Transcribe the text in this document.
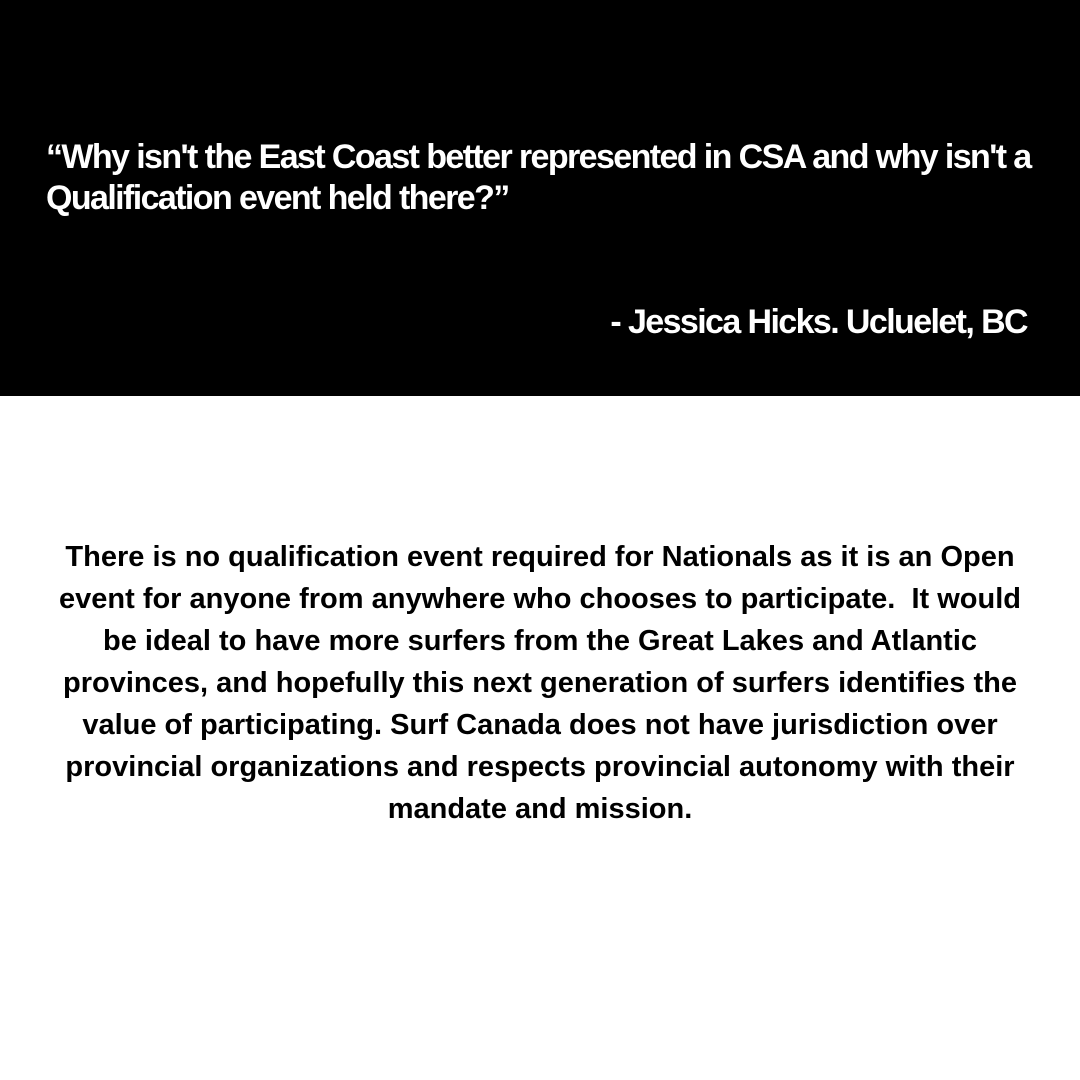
“Why isn't the East Coast better represented in CSA and why isn't a Qualification event held there?”

- Jessica Hicks. Ucluelet, BC

There is no qualification event required for Nationals as it is an Open event for anyone from anywhere who chooses to participate.  It would be ideal to have more surfers from the Great Lakes and Atlantic provinces, and hopefully this next generation of surfers identifies the value of participating. Surf Canada does not have jurisdiction over provincial organizations and respects provincial autonomy with their mandate and mission.
